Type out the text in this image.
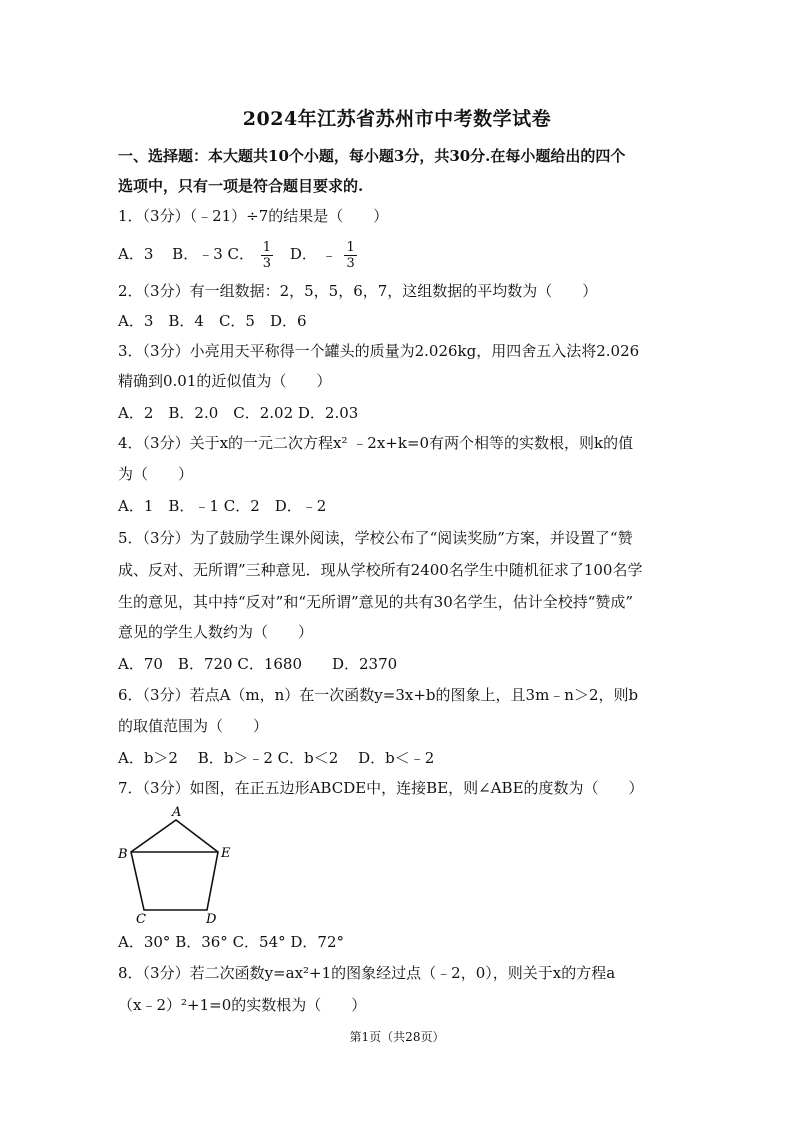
2024年江苏省苏州市中考数学试卷
一、选择题：本大题共10个小题，每小题3分，共30分.在每小题给出的四个
选项中，只有一项是符合题目要求的.
1．（3分）（﹣21）÷7的结果是（　　）
A．3 B．﹣3 C． $\frac{1}{3}$ D． ﹣ $\frac{1}{3}$
2．（3分）有一组数据：2，5，5，6，7，这组数据的平均数为（　　）
A．3　B．4　C．5　D．6
3．（3分）小亮用天平称得一个罐头的质量为2.026kg，用四舍五入法将2.026
精确到0.01的近似值为（　　）
A．2　B．2.0　C．2.02 D．2.03
4．（3分）关于x的一元二次方程x² ﹣2x+k=0有两个相等的实数根，则k的值
为（　　）
A．1　B．﹣1 C．2　D．﹣2
5．（3分）为了鼓励学生课外阅读，学校公布了“阅读奖励”方案，并设置了“赞
成、反对、无所谓”三种意见．现从学校所有2400名学生中随机征求了100名学
生的意见，其中持“反对”和“无所谓”意见的共有30名学生，估计全校持“赞成”
意见的学生人数约为（　　）
A．70　B．720 C．1680　　D．2370
6．（3分）若点A（m，n）在一次函数y=3x+b的图象上，且3m﹣n＞2，则b
的取值范围为（　　）
A．b＞2　 B．b＞﹣2 C．b＜2　 D．b＜﹣2
7．（3分）如图，在正五边形ABCDE中，连接BE，则∠ABE的度数为（　　）
A
B	E
C	D
A．30° B．36° C．54° D．72°
8．（3分）若二次函数y=ax²+1的图象经过点（﹣2，0），则关于x的方程a
（x﹣2）²+1=0的实数根为（　　）
第1页（共28页）
